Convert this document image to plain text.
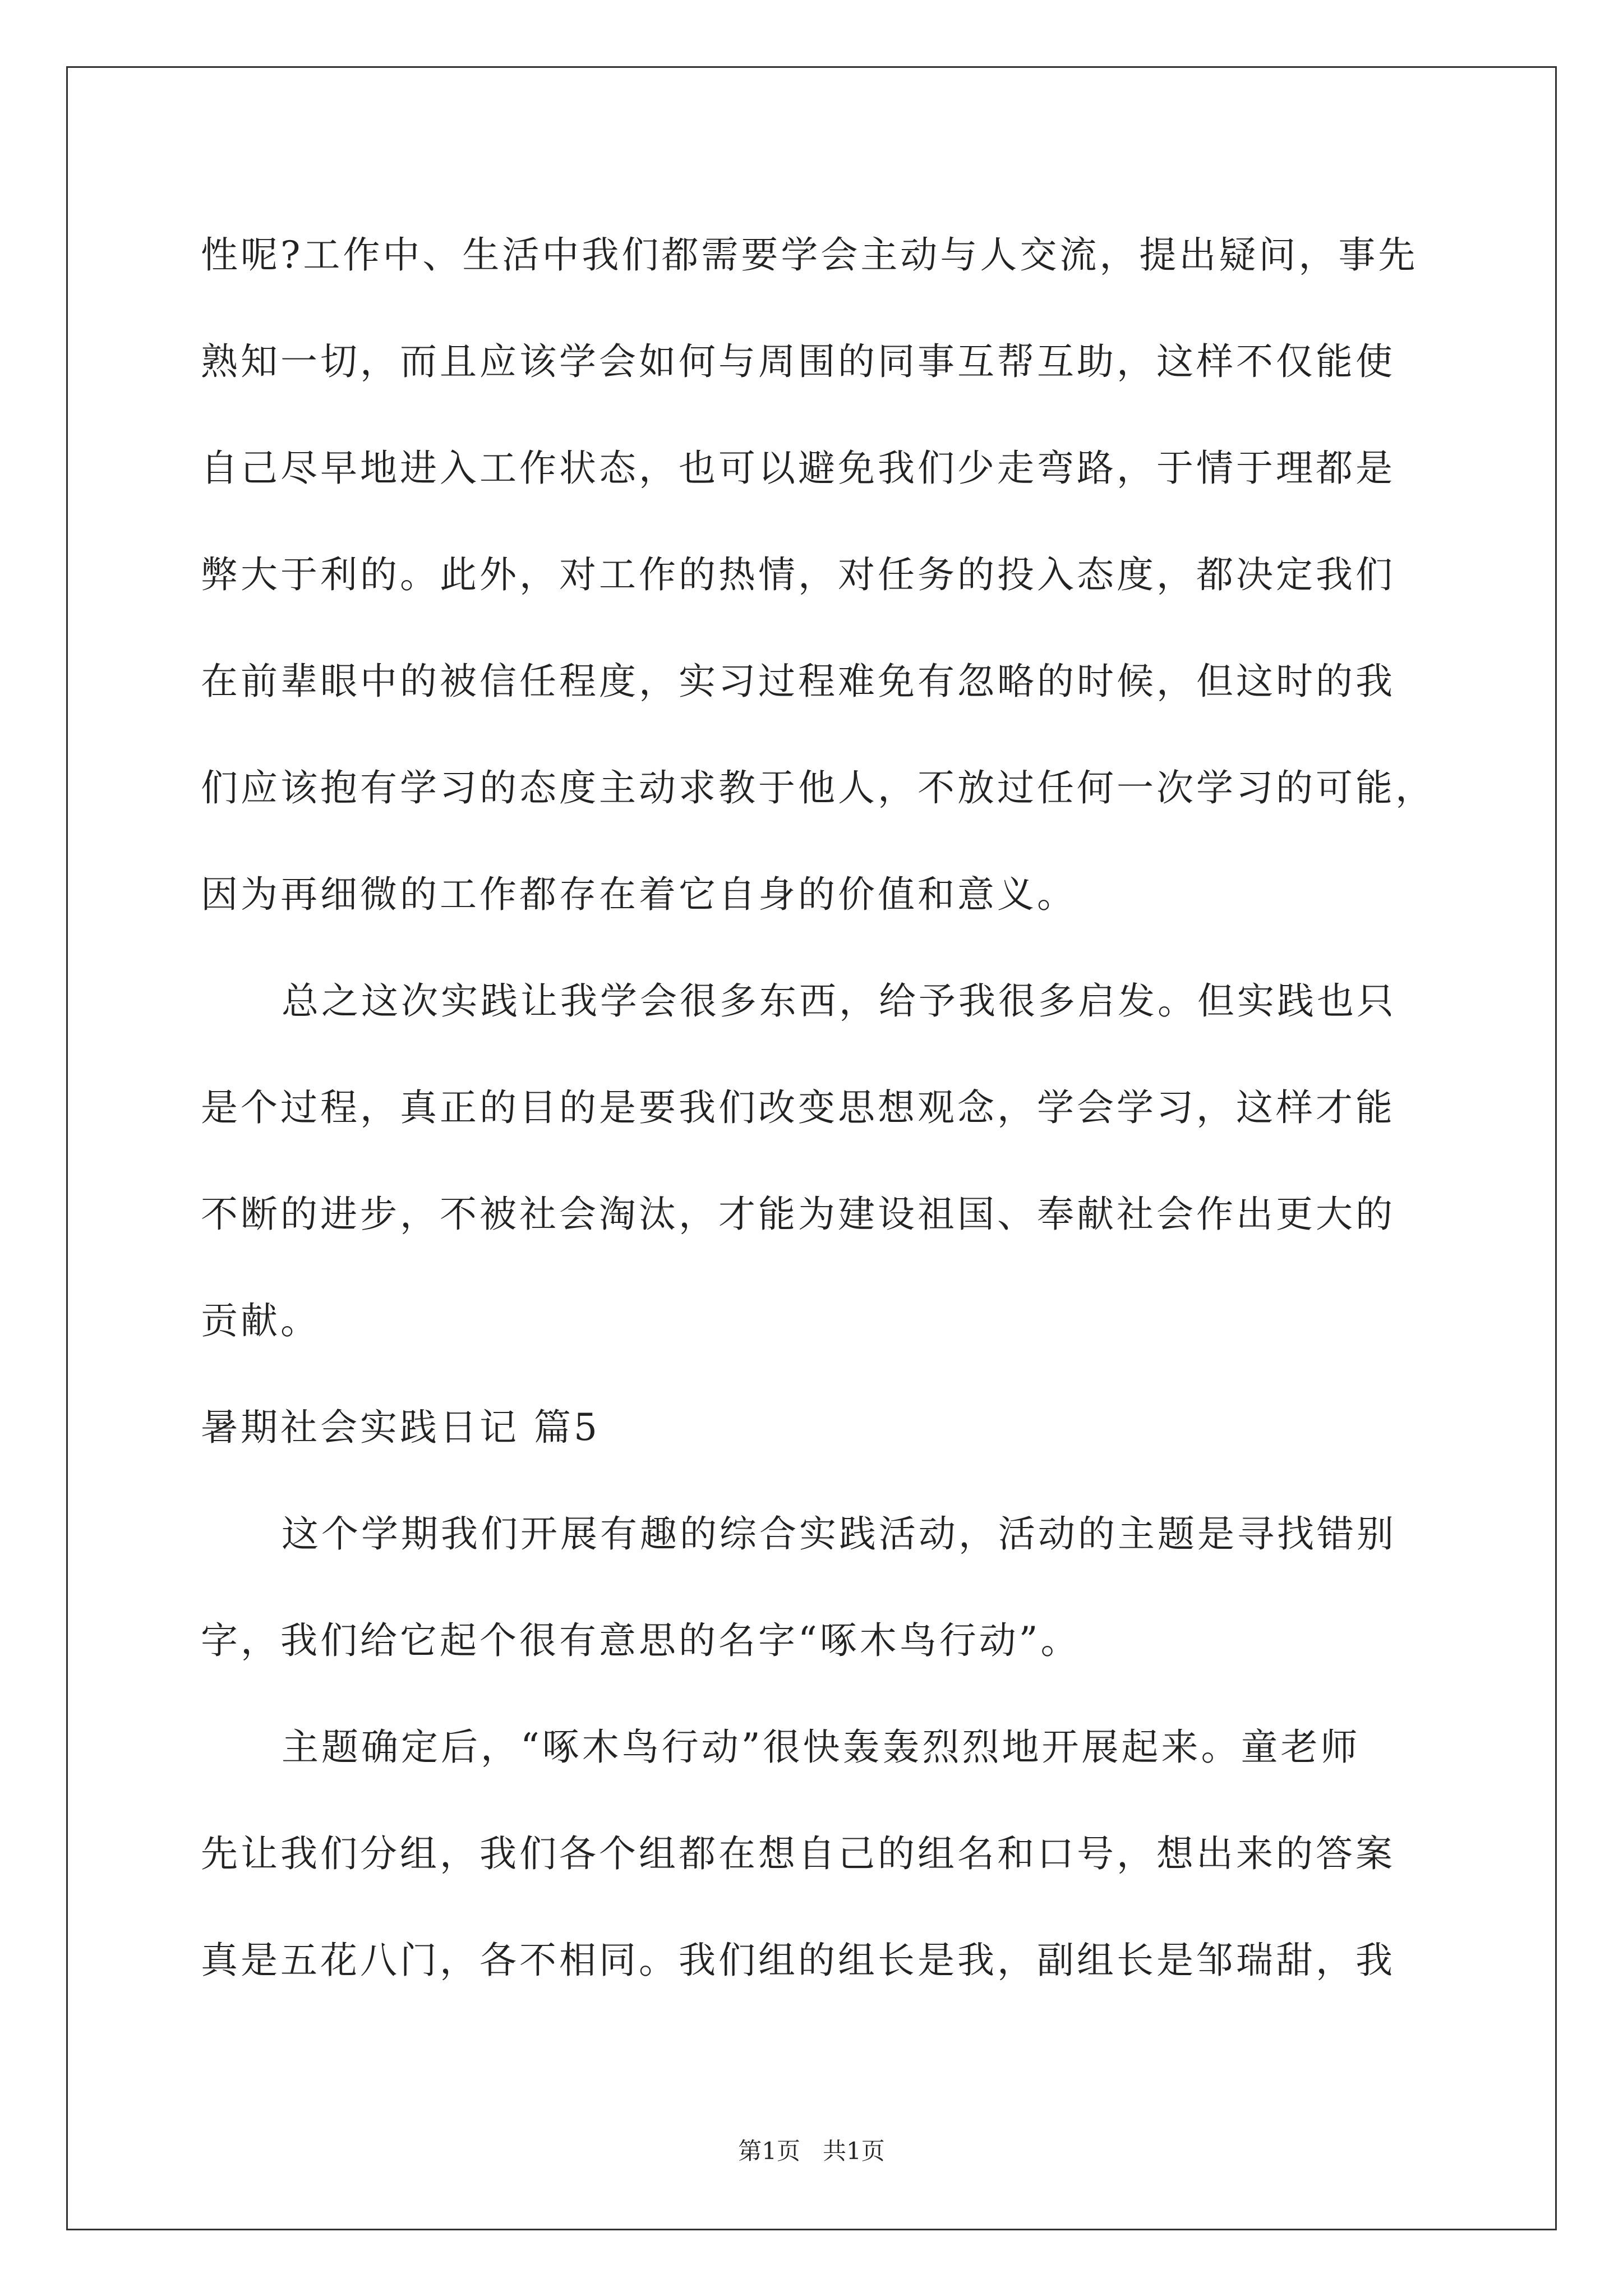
性呢?工作中、生活中我们都需要学会主动与人交流，提出疑问，事先
熟知一切，而且应该学会如何与周围的同事互帮互助，这样不仅能使
自己尽早地进入工作状态，也可以避免我们少走弯路，于情于理都是
弊大于利的。此外，对工作的热情，对任务的投入态度，都决定我们
在前辈眼中的被信任程度，实习过程难免有忽略的时候，但这时的我
们应该抱有学习的态度主动求教于他人，不放过任何一次学习的可能，
因为再细微的工作都存在着它自身的价值和意义。
总之这次实践让我学会很多东西，给予我很多启发。但实践也只
是个过程，真正的目的是要我们改变思想观念，学会学习，这样才能
不断的进步，不被社会淘汰，才能为建设祖国、奉献社会作出更大的
贡献。
暑期社会实践日记 篇5
这个学期我们开展有趣的综合实践活动，活动的主题是寻找错别
字，我们给它起个很有意思的名字“啄木鸟行动”。
主题确定后，“啄木鸟行动”很快轰轰烈烈地开展起来。童老师
先让我们分组，我们各个组都在想自己的组名和口号，想出来的答案
真是五花八门，各不相同。我们组的组长是我，副组长是邹瑞甜，我
第1页   共1页
